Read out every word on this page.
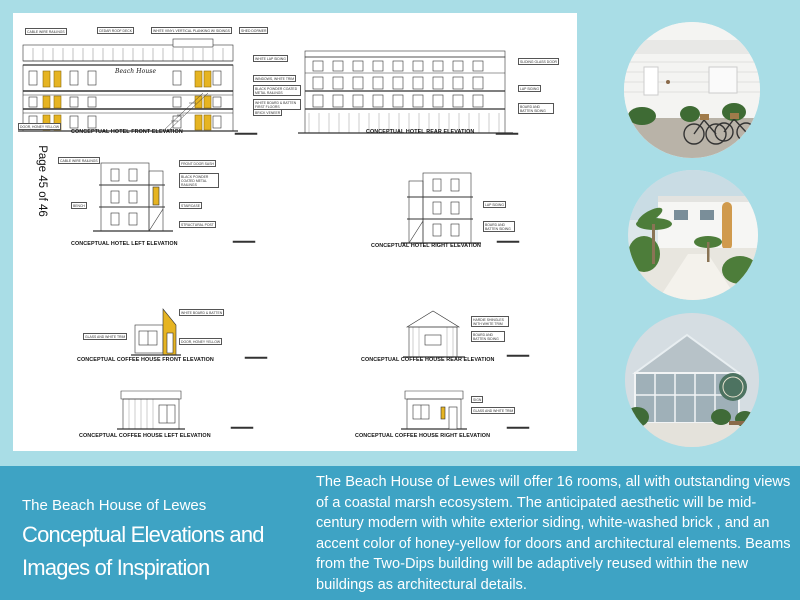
Beach House
CABLE WIRE RAILINGS	CEDAR ROOF DECK	WHITE VINYL VERTICAL PLANKING W/ SIDINGS	SHED DORMER
WHITE LAP SIDING
WINDOWS, WHITE TRIM
BLACK POWDER COATED METAL RAILINGS
WHITE BOARD & BATTEN FIRST FLOORS
BRICK VENEER
DOOR, HONEY YELLOW
SLIDING GLASS DOOR
LAP SIDING
BOARD AND BATTEN SIDING
CABLE WIRE RAILINGS
FRONT DOOR SASH
BLACK POWDER COATED METAL RAILINGS
BENCH	STAIRCASE
STRUCTURAL POST
LAP SIDING
BOARD AND BATTEN SIDING
WHITE BOARD & BATTEN
GLASS AND WHITE TRIM
DOOR, HONEY YELLOW
HARDIE SHINGLES WITH WHITE TRIM
BOARD AND BATTEN SIDING
SIGN
GLASS AND WHITE TRIM
CONCEPTUAL HOTEL FRONT ELEVATION	CONCEPTUAL HOTEL REAR ELEVATION
CONCEPTUAL HOTEL LEFT ELEVATION	CONCEPTUAL HOTEL RIGHT ELEVATION
CONCEPTUAL COFFEE HOUSE FRONT ELEVATION	CONCEPTUAL COFFEE HOUSE REAR ELEVATION
CONCEPTUAL COFFEE HOUSE LEFT ELEVATION	CONCEPTUAL COFFEE HOUSE RIGHT ELEVATION
Page 45 of 46
The Beach House of Lewes
Conceptual Elevations and Images of Inspiration
The Beach House of Lewes will offer 16 rooms, all with outstanding views of a coastal marsh ecosystem. The anticipated aesthetic will be mid-century modern with white exterior siding, white-washed brick , and an accent color of honey-yellow for doors and architectural elements. Beams from the Two-Dips building will be adaptively reused within the new buildings as architectural details.
